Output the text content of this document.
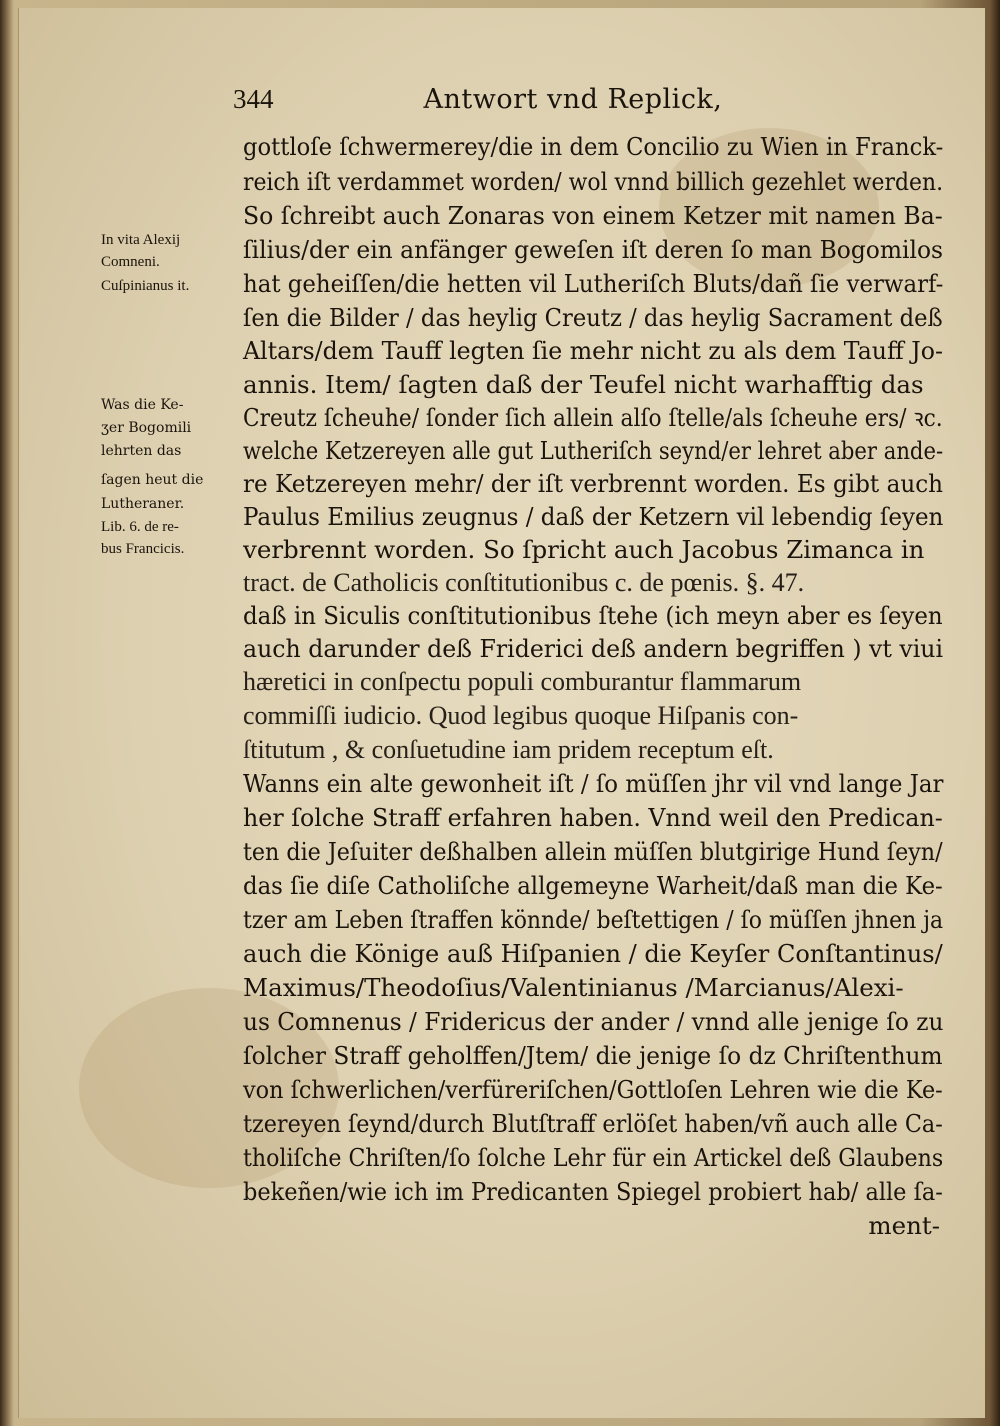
344	Antwort vnd Replick,
In vita Alexij
Comneni.
Cuſpinianus it.
Was die Ke-
ʒer Bogomili
lehrten das
ſagen heut die
Lutheraner.
Lib. 6. de re-
bus Francicis.
gottloſe ſchwermerey/die in dem Concilio zu Wien in Franck-
reich iſt verdammet worden/ wol vnnd billich gezehlet werden.
So ſchreibt auch Zonaras von einem Ketzer mit namen Ba-
ſilius/der ein anfänger geweſen iſt deren ſo man Bogomilos
hat geheiſſen/die hetten vil Lutheriſch Bluts/dañ ſie verwarf-
ſen die Bilder / das heylig Creutz / das heylig Sacrament deß
Altars/dem Tauff legten ſie mehr nicht zu als dem Tauff Jo-
annis. Item/ ſagten daß der Teufel nicht warhafftig das
Creutz ſcheuhe/ ſonder ſich allein alſo ſtelle/als ſcheuhe ers/ ꝛc.
welche Ketzereyen alle gut Lutheriſch seynd/er lehret aber ande-
re Ketzereyen mehr/ der iſt verbrennt worden. Es gibt auch
Paulus Emilius zeugnus / daß der Ketzern vil lebendig ſeyen
verbrennt worden. So ſpricht auch Jacobus Zimanca in
tract. de Catholicis conſtitutionibus c. de pœnis. §. 47.
daß in Siculis conſtitutionibus ſtehe (ich meyn aber es ſeyen
auch darunder deß Friderici deß andern begriffen ) vt viui
hæretici in conſpectu populi comburantur flammarum
commiſſi iudicio. Quod legibus quoque Hiſpanis con-
ſtitutum , & conſuetudine iam pridem receptum eſt.
Wanns ein alte gewonheit iſt / ſo müſſen jhr vil vnd lange Jar
her ſolche Straff erfahren haben. Vnnd weil den Predican-
ten die Jeſuiter deßhalben allein müſſen blutgirige Hund ſeyn/
das ſie diſe Catholiſche allgemeyne Warheit/daß man die Ke-
tzer am Leben ſtraffen könnde/ beſtettigen / ſo müſſen jhnen ja
auch die Könige auß Hiſpanien / die Keyſer Conſtantinus/
Maximus/Theodoſius/Valentinianus /Marcianus/Alexi-
us Comnenus / Fridericus der ander / vnnd alle jenige ſo zu
ſolcher Straff geholffen/Jtem/ die jenige ſo dz Chriſtenthum
von ſchwerlichen/verfüreriſchen/Gottloſen Lehren wie die Ke-
tzereyen ſeynd/durch Blutſtraff erlöſet haben/vñ auch alle Ca-
tholiſche Chriſten/ſo ſolche Lehr für ein Artickel deß Glaubens
bekeñen/wie ich im Predicanten Spiegel probiert hab/ alle ſa-
ment-
